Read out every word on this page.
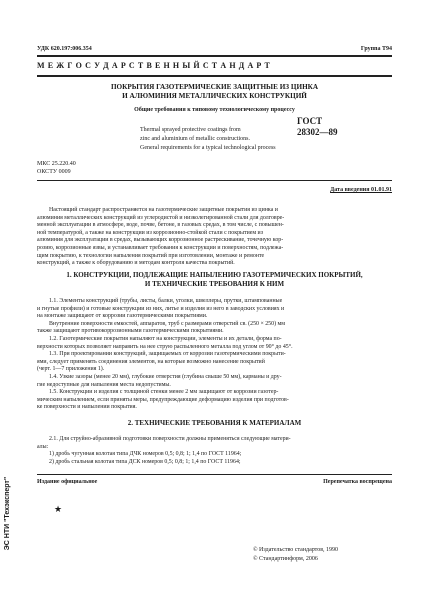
УДК 620.197:006.354	Группа Т94
М Е Ж Г О С У Д А Р С Т В Е Н Н Ы Й С Т А Н Д А Р Т
ПОКРЫТИЯ ГАЗОТЕРМИЧЕСКИЕ ЗАЩИТНЫЕ ИЗ ЦИНКА
И АЛЮМИНИЯ МЕТАЛЛИЧЕСКИХ КОНСТРУКЦИЙ
Общие требования к типовому технологическому процессу
Thermal sprayed protective coatings from
zinc and aluminium of metallic constructions.
General requirements for a typical technological process
ГОСТ
28302—89
МКС 25.220.40
ОКСТУ 0009
Дата введения 01.01.91
Настоящий стандарт распространяется на газотермические защитные покрытия из цинка и
алюминия металлических конструкций из углеродистой и низколегированной стали для долговре-
менной эксплуатации в атмосфере, воде, почве, бетоне, в газовых средах, в том числе, с повышен-
ной температурой, а также на конструкции из коррозионно-стойкой стали с покрытием из
алюминия для эксплуатации в средах, вызывающих коррозионное растрескивание, точечную кор-
розию, коррозионные язвы, и устанавливает требования к конструкции и поверхностям, подлежа-
щим покрытию, к технологии напыления покрытий при изготовлении, монтаже и ремонте
конструкций, а также к оборудованию и методам контроля качества покрытий.
1. КОНСТРУКЦИИ, ПОДЛЕЖАЩИЕ НАПЫЛЕНИЮ ГАЗОТЕРМИЧЕСКИХ ПОКРЫТИЙ,
И ТЕХНИЧЕСКИЕ ТРЕБОВАНИЯ К НИМ
1.1. Элементы конструкций (трубы, листы, балки, уголки, швеллеры, прутки, штампованные
и гнутые профили) и готовые конструкции из них, литье и изделия из него в заводских условиях и
на монтаже защищают от коррозии газотермическими покрытиями.
Внутренние поверхности емкостей, аппаратов, труб с размерами отверстий св. (250 × 250) мм
также защищают противокоррозионными газотермическими покрытиями.
1.2. Газотермические покрытия напыляют на конструкции, элементы и их детали, форма по-
верхности которых позволяет направить на нее струю распыленного металла под углом от 90° до 45°.
1.3. При проектировании конструкций, защищаемых от коррозии газотермическими покрыти-
ями, следует применять соединения элементов, на которые возможно нанесение покрытий
(черт. 1—7 приложения 1).
1.4. Узкие зазоры (менее 20 мм), глубокие отверстия (глубина свыше 50 мм), карманы и дру-
гие недоступные для напыления места недопустимы.
1.5. Конструкции и изделия с толщиной стенки менее 2 мм защищают от коррозии газотер-
мическим напылением, если приняты меры, предупреждающие деформацию изделия при подготов-
ке поверхности и напылении покрытия.
2. ТЕХНИЧЕСКИЕ ТРЕБОВАНИЯ К МАТЕРИАЛАМ
2.1. Для струйно-абразивной подготовки поверхности должны применяться следующие матери-
алы:
1) дробь чугунная колотая типа ДЧК номеров 0,5; 0,8; 1; 1,4 по ГОСТ 11964;
2) дробь стальная колотая типа ДСК номеров 0,5; 0,8; 1; 1,4 по ГОСТ 11964;
Издание официальное	Перепечатка воспрещена
★
© Издательство стандартов, 1990
© Стандартинформ, 2006
ЭС НТИ "Техэксперт"
